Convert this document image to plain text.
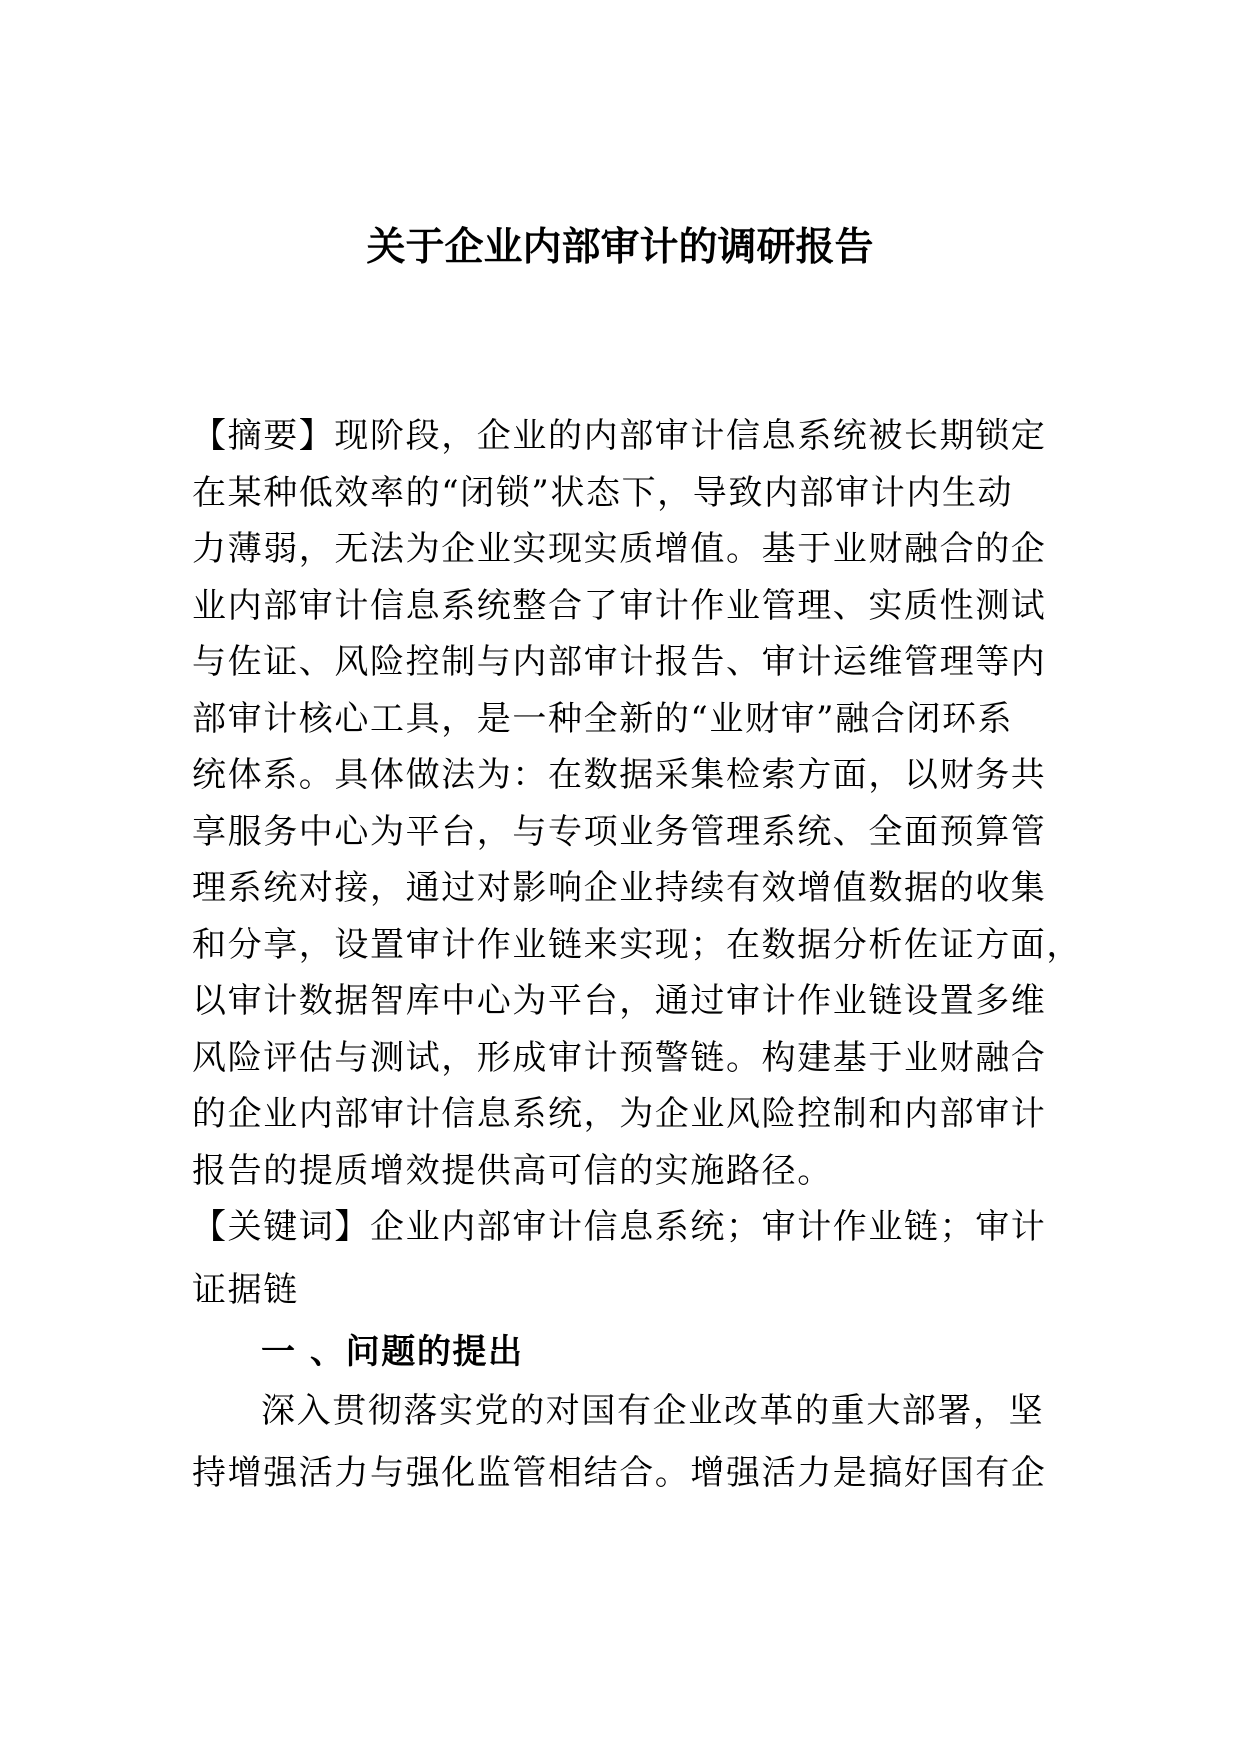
关于企业内部审计的调研报告
【摘要】现阶段，企业的内部审计信息系统被长期锁定
在某种低效率的“闭锁”状态下，导致内部审计内生动
力薄弱，无法为企业实现实质增值。基于业财融合的企
业内部审计信息系统整合了审计作业管理、实质性测试
与佐证、风险控制与内部审计报告、审计运维管理等内
部审计核心工具，是一种全新的“业财审”融合闭环系
统体系。具体做法为：在数据采集检索方面，以财务共
享服务中心为平台，与专项业务管理系统、全面预算管
理系统对接，通过对影响企业持续有效增值数据的收集
和分享，设置审计作业链来实现；在数据分析佐证方面，
以审计数据智库中心为平台，通过审计作业链设置多维
风险评估与测试，形成审计预警链。构建基于业财融合
的企业内部审计信息系统，为企业风险控制和内部审计
报告的提质增效提供高可信的实施路径。
【关键词】企业内部审计信息系统；审计作业链；审计
证据链
一 、问题的提出
深入贯彻落实党的对国有企业改革的重大部署，坚
持增强活力与强化监管相结合。增强活力是搞好国有企
